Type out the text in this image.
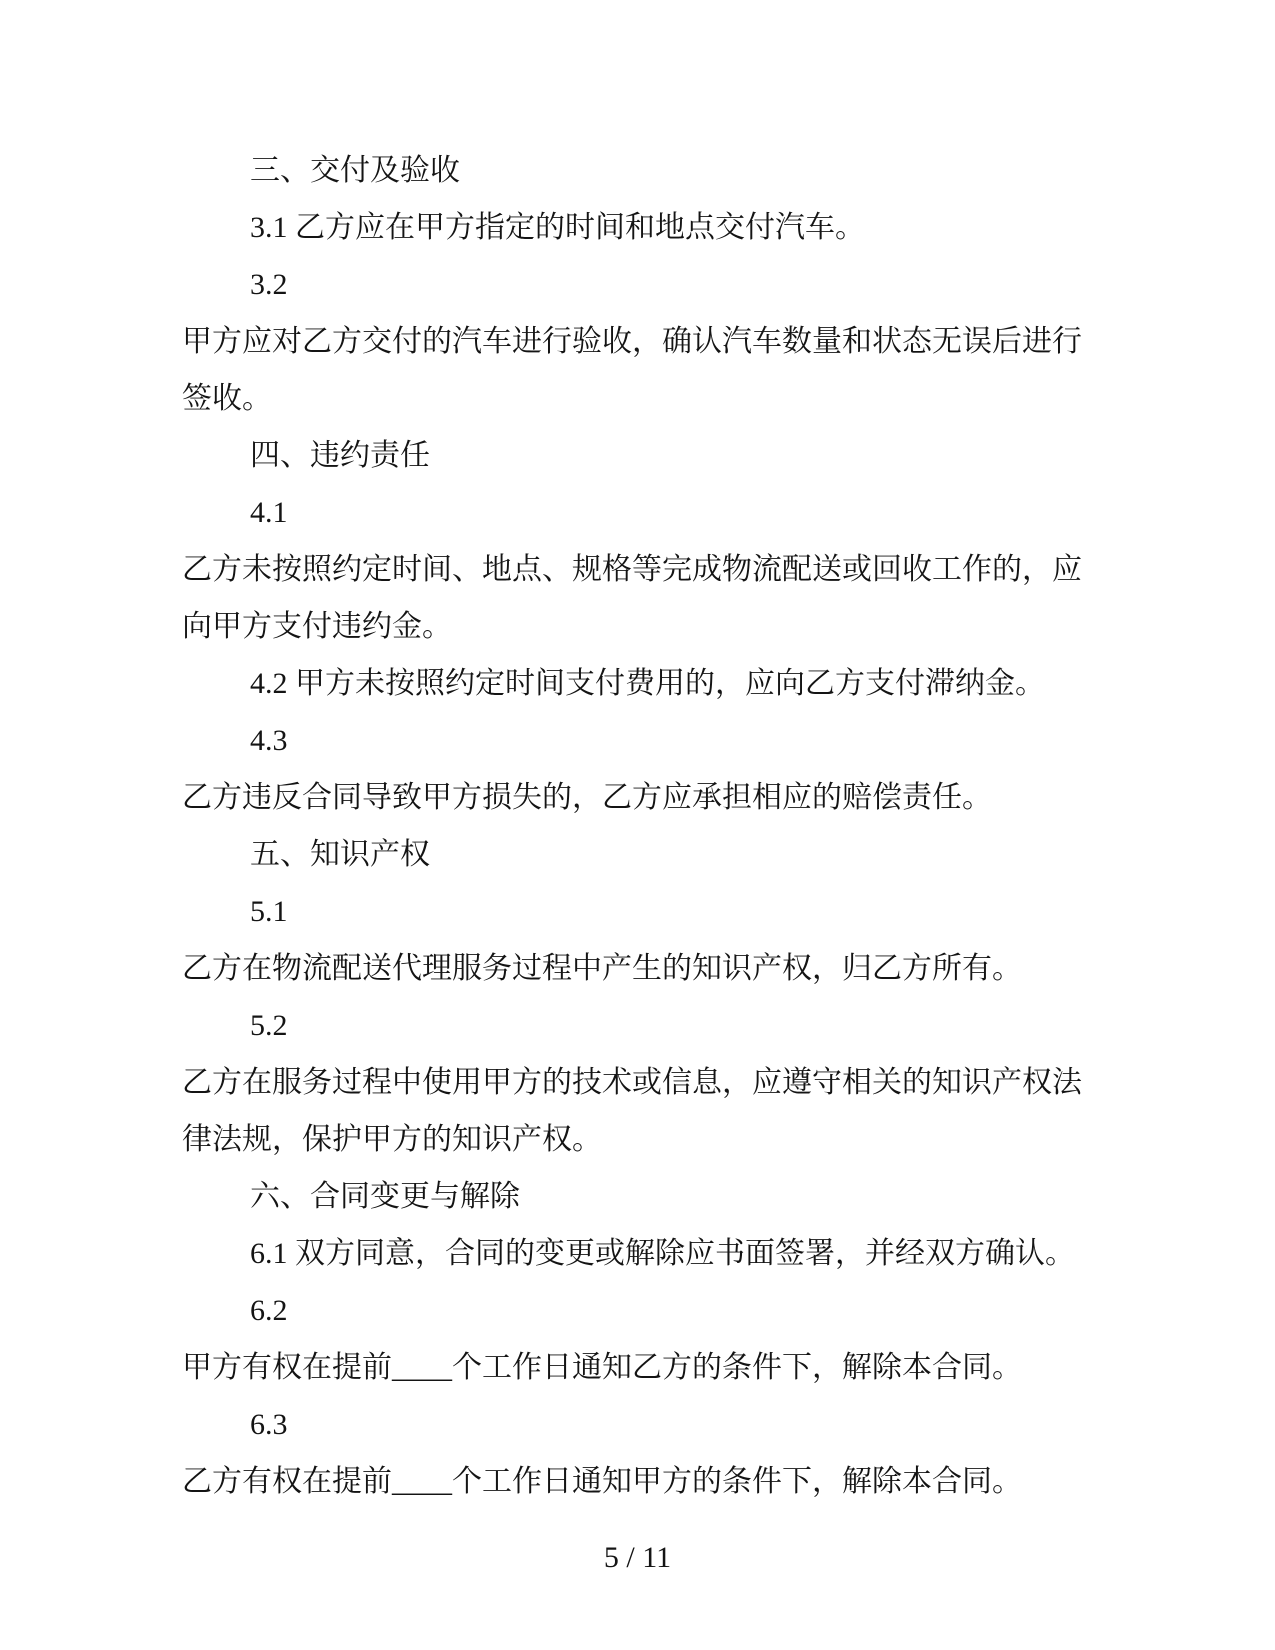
三、交付及验收
3.1 乙方应在甲方指定的时间和地点交付汽车。
3.2
甲方应对乙方交付的汽车进行验收，确认汽车数量和状态无误后进行
签收。
四、违约责任
4.1
乙方未按照约定时间、地点、规格等完成物流配送或回收工作的，应
向甲方支付违约金。
4.2 甲方未按照约定时间支付费用的，应向乙方支付滞纳金。
4.3
乙方违反合同导致甲方损失的，乙方应承担相应的赔偿责任。
五、知识产权
5.1
乙方在物流配送代理服务过程中产生的知识产权，归乙方所有。
5.2
乙方在服务过程中使用甲方的技术或信息，应遵守相关的知识产权法
律法规，保护甲方的知识产权。
六、合同变更与解除
6.1 双方同意，合同的变更或解除应书面签署，并经双方确认。
6.2
甲方有权在提前____个工作日通知乙方的条件下，解除本合同。
6.3
乙方有权在提前____个工作日通知甲方的条件下，解除本合同。
5 / 11
